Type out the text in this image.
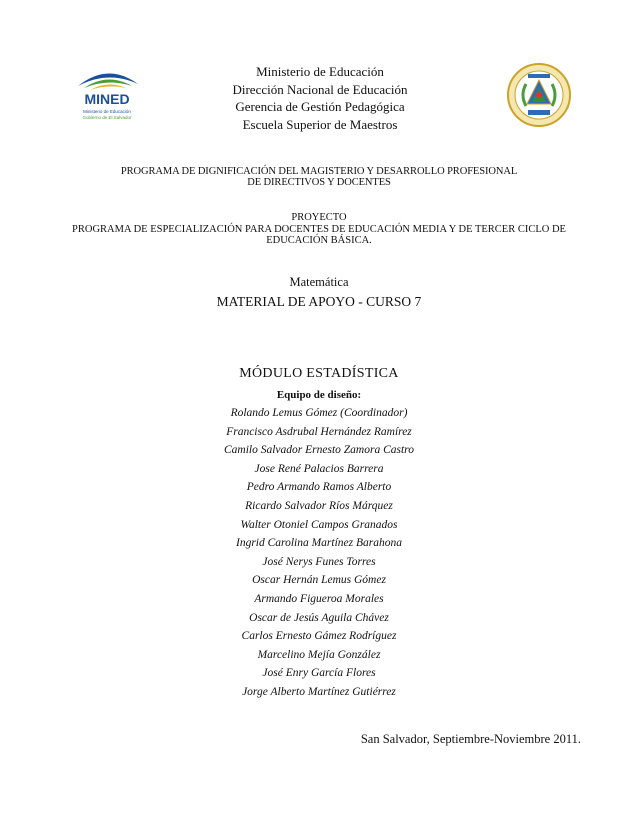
MINED
Ministerio de Educación
Gobierno de El Salvador
Ministerio de Educación
Dirección Nacional de Educación
Gerencia de Gestión Pedagógica
Escuela Superior de Maestros
PROGRAMA DE DIGNIFICACIÓN DEL MAGISTERIO Y DESARROLLO PROFESIONAL
DE DIRECTIVOS Y DOCENTES
PROYECTO
PROGRAMA DE ESPECIALIZACIÓN PARA DOCENTES DE EDUCACIÓN MEDIA Y DE TERCER CICLO DE
EDUCACIÓN BÁSICA.
Matemática
MATERIAL DE APOYO - CURSO 7
MÓDULO ESTADÍSTICA
Equipo de diseño:
Rolando Lemus Gómez (Coordinador)
Francisco Asdrubal Hernández Ramírez
Camilo Salvador Ernesto Zamora Castro
Jose René Palacios Barrera
Pedro Armando Ramos Alberto
Ricardo Salvador Ríos Márquez
Walter Otoniel Campos Granados
Ingrid Carolina Martínez Barahona
José Nerys Funes Torres
Oscar Hernán Lemus Gómez
Armando Figueroa Morales
Oscar de Jesús Aguila Chávez
Carlos Ernesto Gámez Rodríguez
Marcelino Mejía González
José Enry García Flores
Jorge Alberto Martínez Gutiérrez
San Salvador, Septiembre-Noviembre 2011.
